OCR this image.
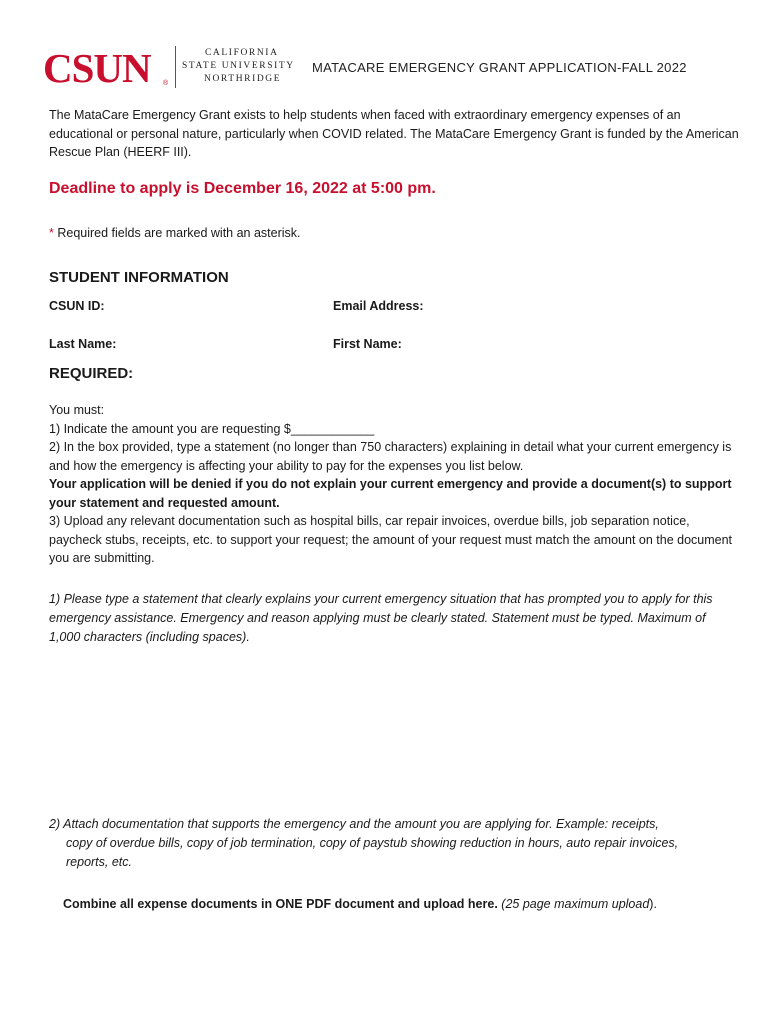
CSUN ®
CALIFORNIA
STATE UNIVERSITY
NORTHRIDGE
MATACARE EMERGENCY GRANT APPLICATION-FALL 2022
The MataCare Emergency Grant exists to help students when faced with extraordinary emergency expenses of an educational or personal nature, particularly when COVID related. The MataCare Emergency Grant is funded by the American Rescue Plan (HEERF III).
Deadline to apply is December 16, 2022 at 5:00 pm.
* Required fields are marked with an asterisk.
STUDENT INFORMATION
CSUN ID:	Email Address:
Last Name:	First Name:
REQUIRED:

You must:

1) Indicate the amount you are requesting $____________

2) In the box provided, type a statement (no longer than 750 characters) explaining in detail what your current emergency is and how the emergency is affecting your ability to pay for the expenses you list below.

Your application will be denied if you do not explain your current emergency and provide a document(s) to support your statement and requested amount.

3) Upload any relevant documentation such as hospital bills, car repair invoices, overdue bills, job separation notice, paycheck stubs, receipts, etc. to support your request; the amount of your request must match the amount on the document you are submitting.

1) Please type a statement that clearly explains your current emergency situation that has prompted you to apply for this emergency assistance. Emergency and reason applying must be clearly stated. Statement must be typed. Maximum of 1,000 characters (including spaces).
2) Attach documentation that supports the emergency and the amount you are applying for. Example: receipts,
copy of overdue bills, copy of job termination, copy of paystub showing reduction in hours, auto repair invoices,
reports, etc.
Combine all expense documents in ONE PDF document and upload here. (25 page maximum upload).
